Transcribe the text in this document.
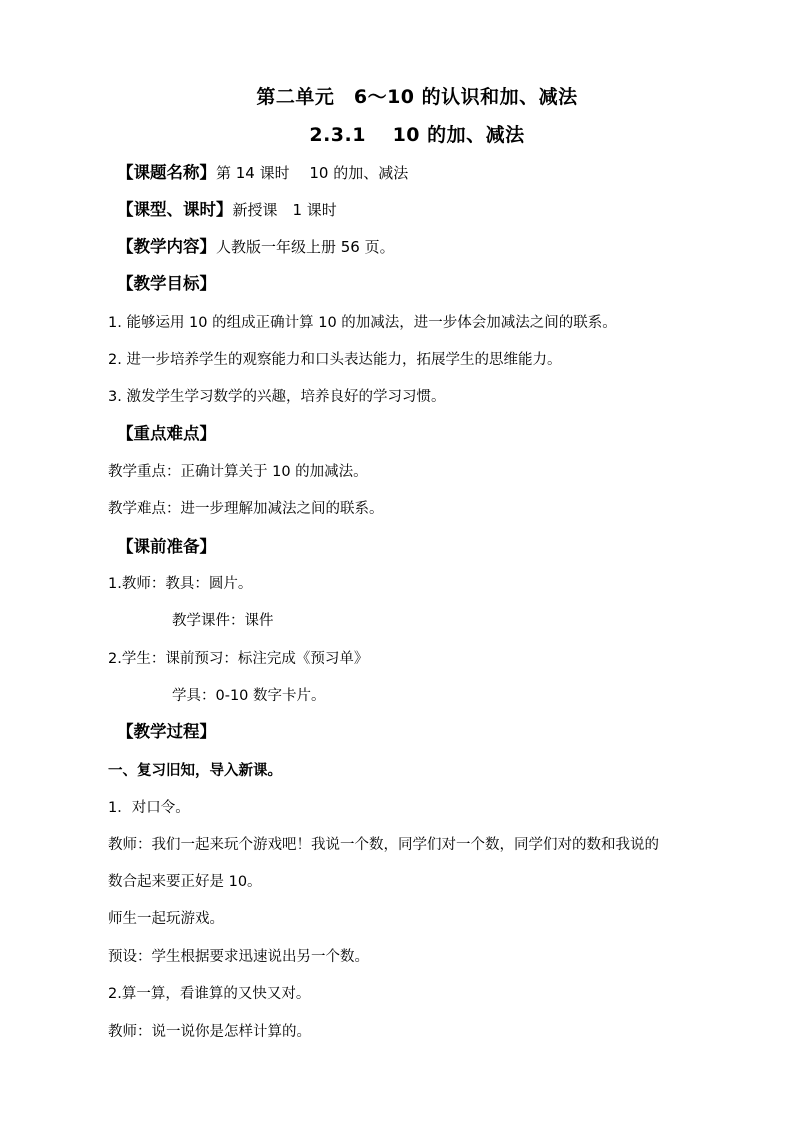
第二单元　6～10 的认识和加、减法
2.3.1　 10 的加、减法
【课题名称】第 14 课时　 10 的加、减法
【课型、课时】新授课　1 课时
【教学内容】人教版一年级上册 56 页。
【教学目标】
1. 能够运用 10 的组成正确计算 10 的加减法，进一步体会加减法之间的联系。
2. 进一步培养学生的观察能力和口头表达能力，拓展学生的思维能力。
3. 激发学生学习数学的兴趣，培养良好的学习习惯。
【重点难点】
教学重点：正确计算关于 10 的加减法。
教学难点：进一步理解加减法之间的联系。
【课前准备】
1.教师：教具：圆片。
教学课件：课件
2.学生：课前预习：标注完成《预习单》
学具：0-10 数字卡片。
【教学过程】
一、复习旧知，导入新课。
1．对口令。
教师：我们一起来玩个游戏吧！我说一个数，同学们对一个数，同学们对的数和我说的
数合起来要正好是 10。
师生一起玩游戏。
预设：学生根据要求迅速说出另一个数。
2.算一算，看谁算的又快又对。
教师：说一说你是怎样计算的。
